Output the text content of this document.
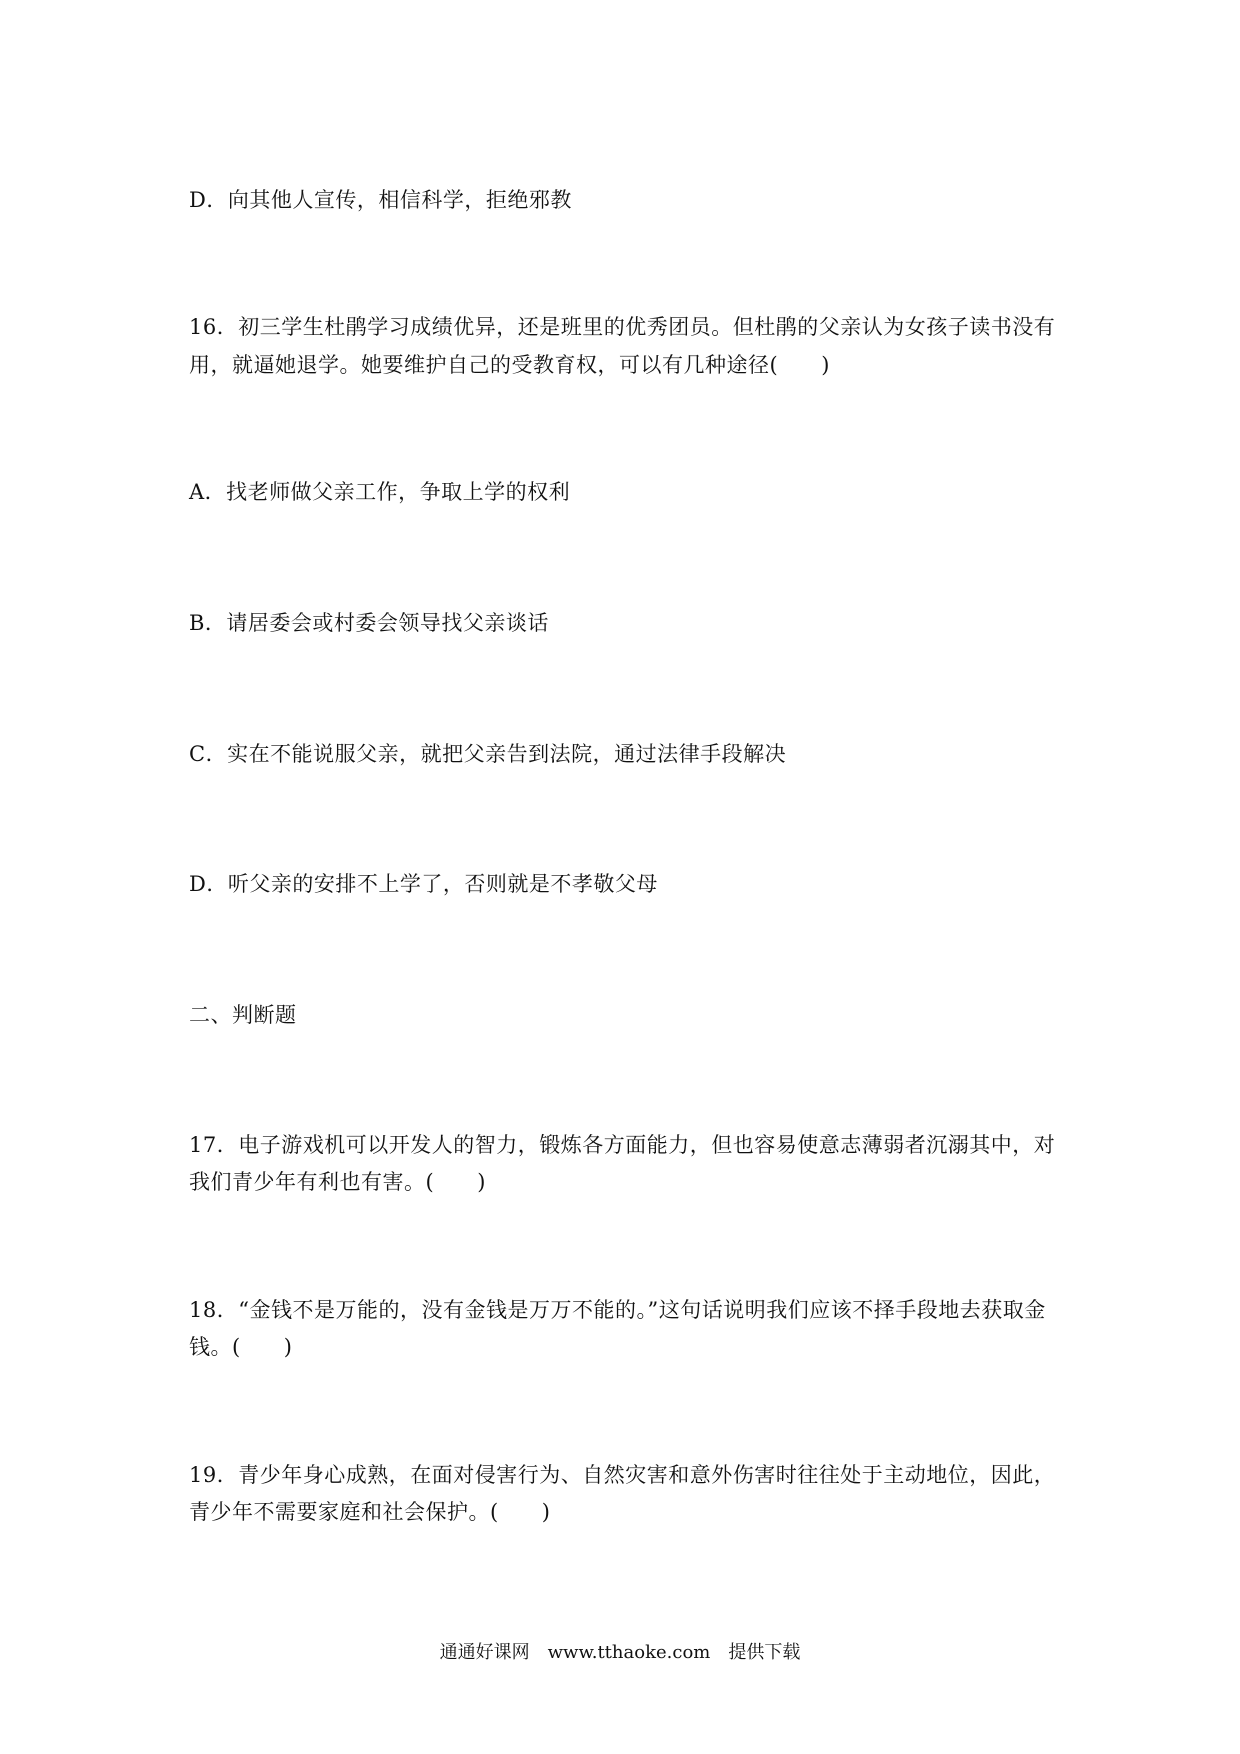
D．向其他人宣传，相信科学，拒绝邪教
16．初三学生杜鹃学习成绩优异，还是班里的优秀团员。但杜鹃的父亲认为女孩子读书没有
用，就逼她退学。她要维护自己的受教育权，可以有几种途径(　　)
A．找老师做父亲工作，争取上学的权利
B．请居委会或村委会领导找父亲谈话
C．实在不能说服父亲，就把父亲告到法院，通过法律手段解决
D．听父亲的安排不上学了，否则就是不孝敬父母
二、判断题
17．电子游戏机可以开发人的智力，锻炼各方面能力，但也容易使意志薄弱者沉溺其中，对
我们青少年有利也有害。(　　)
18．“金钱不是万能的，没有金钱是万万不能的。”这句话说明我们应该不择手段地去获取金
钱。(　　)
19．青少年身心成熟，在面对侵害行为、自然灾害和意外伤害时往往处于主动地位，因此，
青少年不需要家庭和社会保护。(　　)
通通好课网　www.tthaoke.com　提供下载
